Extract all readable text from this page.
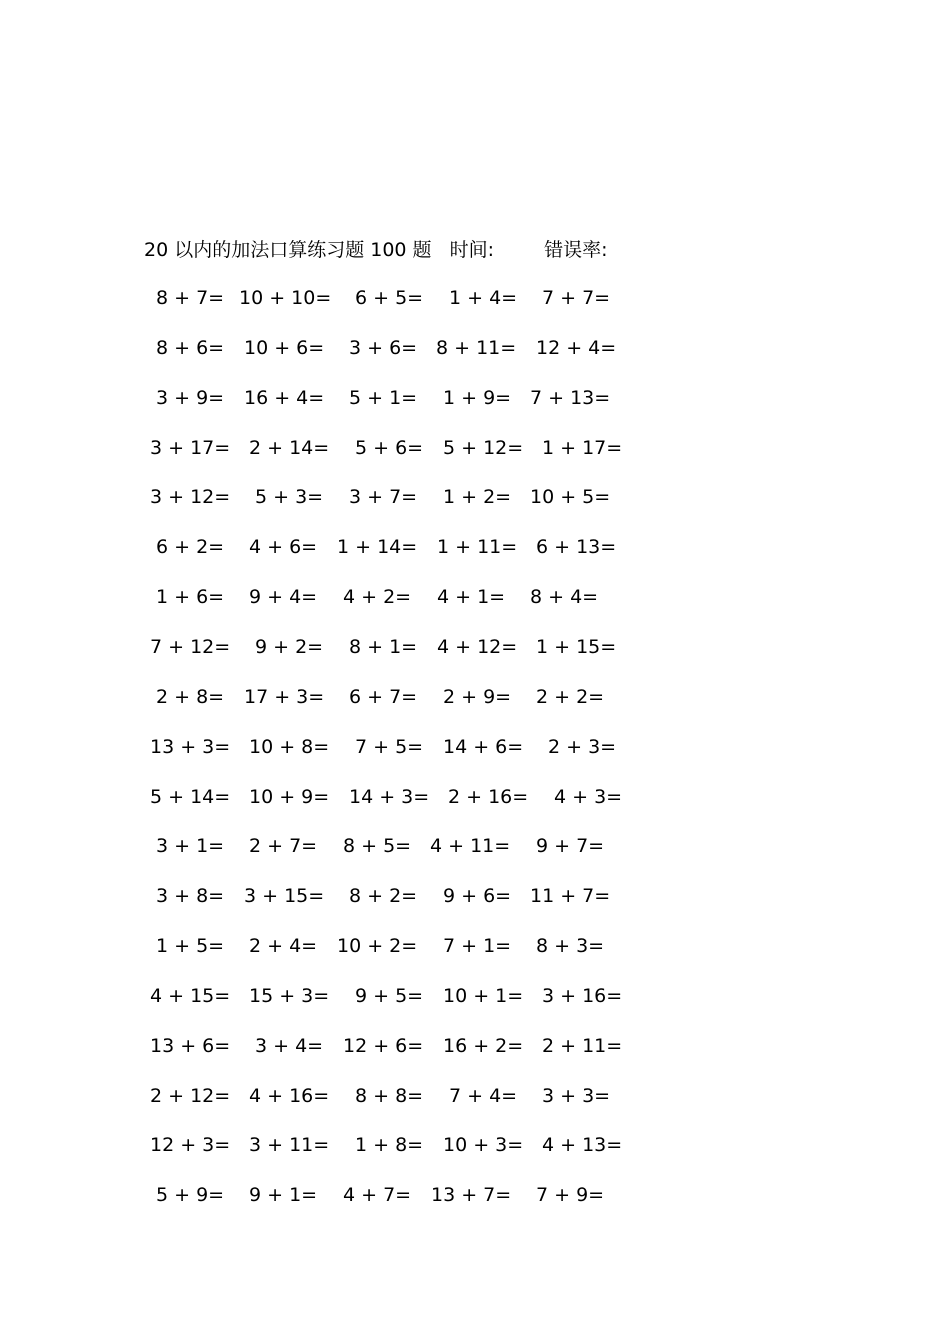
20 以内的加法口算练习题 100 题 时间:	错误率:
8 + 7= 10 + 10= 6 + 5= 1 + 4= 7 + 7=
8 + 6= 10 + 6= 3 + 6= 8 + 11= 12 + 4=
3 + 9= 16 + 4= 5 + 1= 1 + 9= 7 + 13=
3 + 17= 2 + 14= 5 + 6= 5 + 12= 1 + 17=
3 + 12= 5 + 3= 3 + 7= 1 + 2= 10 + 5=
6 + 2= 4 + 6= 1 + 14= 1 + 11= 6 + 13=
1 + 6= 9 + 4= 4 + 2= 4 + 1= 8 + 4=
7 + 12= 9 + 2= 8 + 1= 4 + 12= 1 + 15=
2 + 8= 17 + 3= 6 + 7= 2 + 9= 2 + 2=
13 + 3= 10 + 8= 7 + 5= 14 + 6= 2 + 3=
5 + 14= 10 + 9= 14 + 3= 2 + 16= 4 + 3=
3 + 1= 2 + 7= 8 + 5= 4 + 11= 9 + 7=
3 + 8= 3 + 15= 8 + 2= 9 + 6= 11 + 7=
1 + 5= 2 + 4= 10 + 2= 7 + 1= 8 + 3=
4 + 15= 15 + 3= 9 + 5= 10 + 1= 3 + 16=
13 + 6= 3 + 4= 12 + 6= 16 + 2= 2 + 11=
2 + 12= 4 + 16= 8 + 8= 7 + 4= 3 + 3=
12 + 3= 3 + 11= 1 + 8= 10 + 3= 4 + 13=
5 + 9= 9 + 1= 4 + 7= 13 + 7= 7 + 9=
